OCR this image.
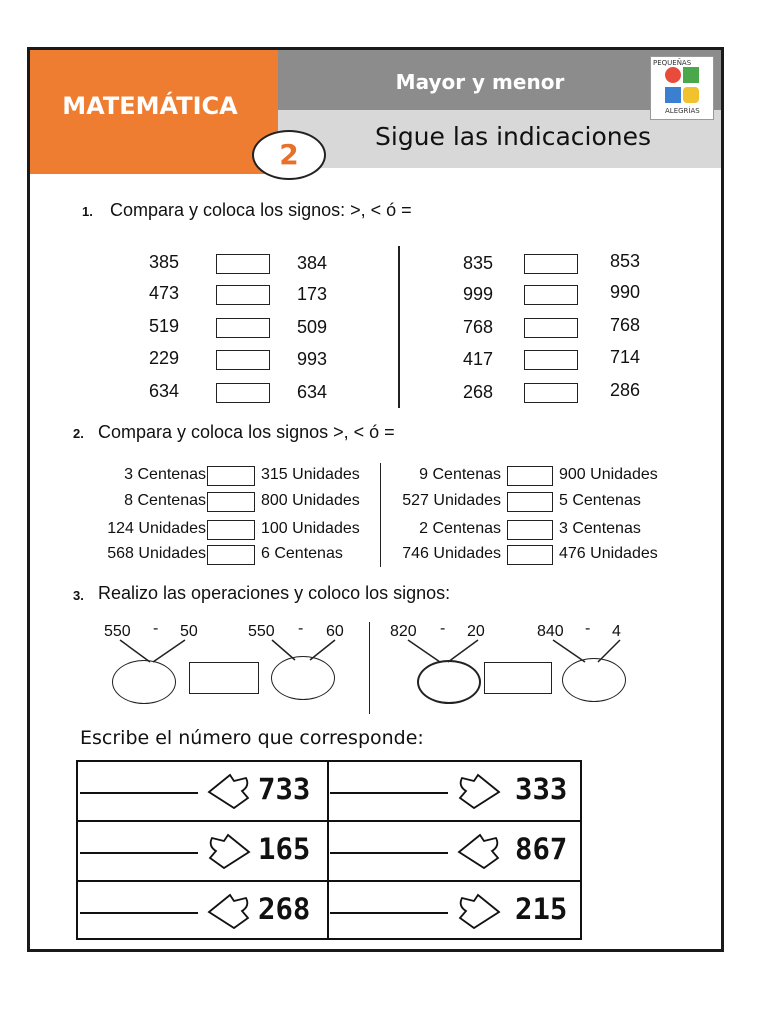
MATEMÁTICA
Mayor y menor
Sigue las indicaciones
2
PEQUEÑAS
ALEGRÍAS
1. Compara y coloca los signos: >, < ó =
2. Compara y coloca los signos >, < ó =
3. Realizo las operaciones y coloco los signos:
550 - 50	550 - 60	820 - 20	840 - 4
Escribe el número que corresponde:
385	384
473	173
519	509
229	993
634	634
835	853
999	990
768	768
417	714
268	286
3 Centenas	315 Unidades
8 Centenas	800 Unidades
124 Unidades	100 Unidades
568 Unidades	6 Centenas
9 Centenas	900 Unidades
527 Unidades	5 Centenas
2 Centenas	3 Centenas
746 Unidades	476 Unidades
733	333
165	867
268	215
